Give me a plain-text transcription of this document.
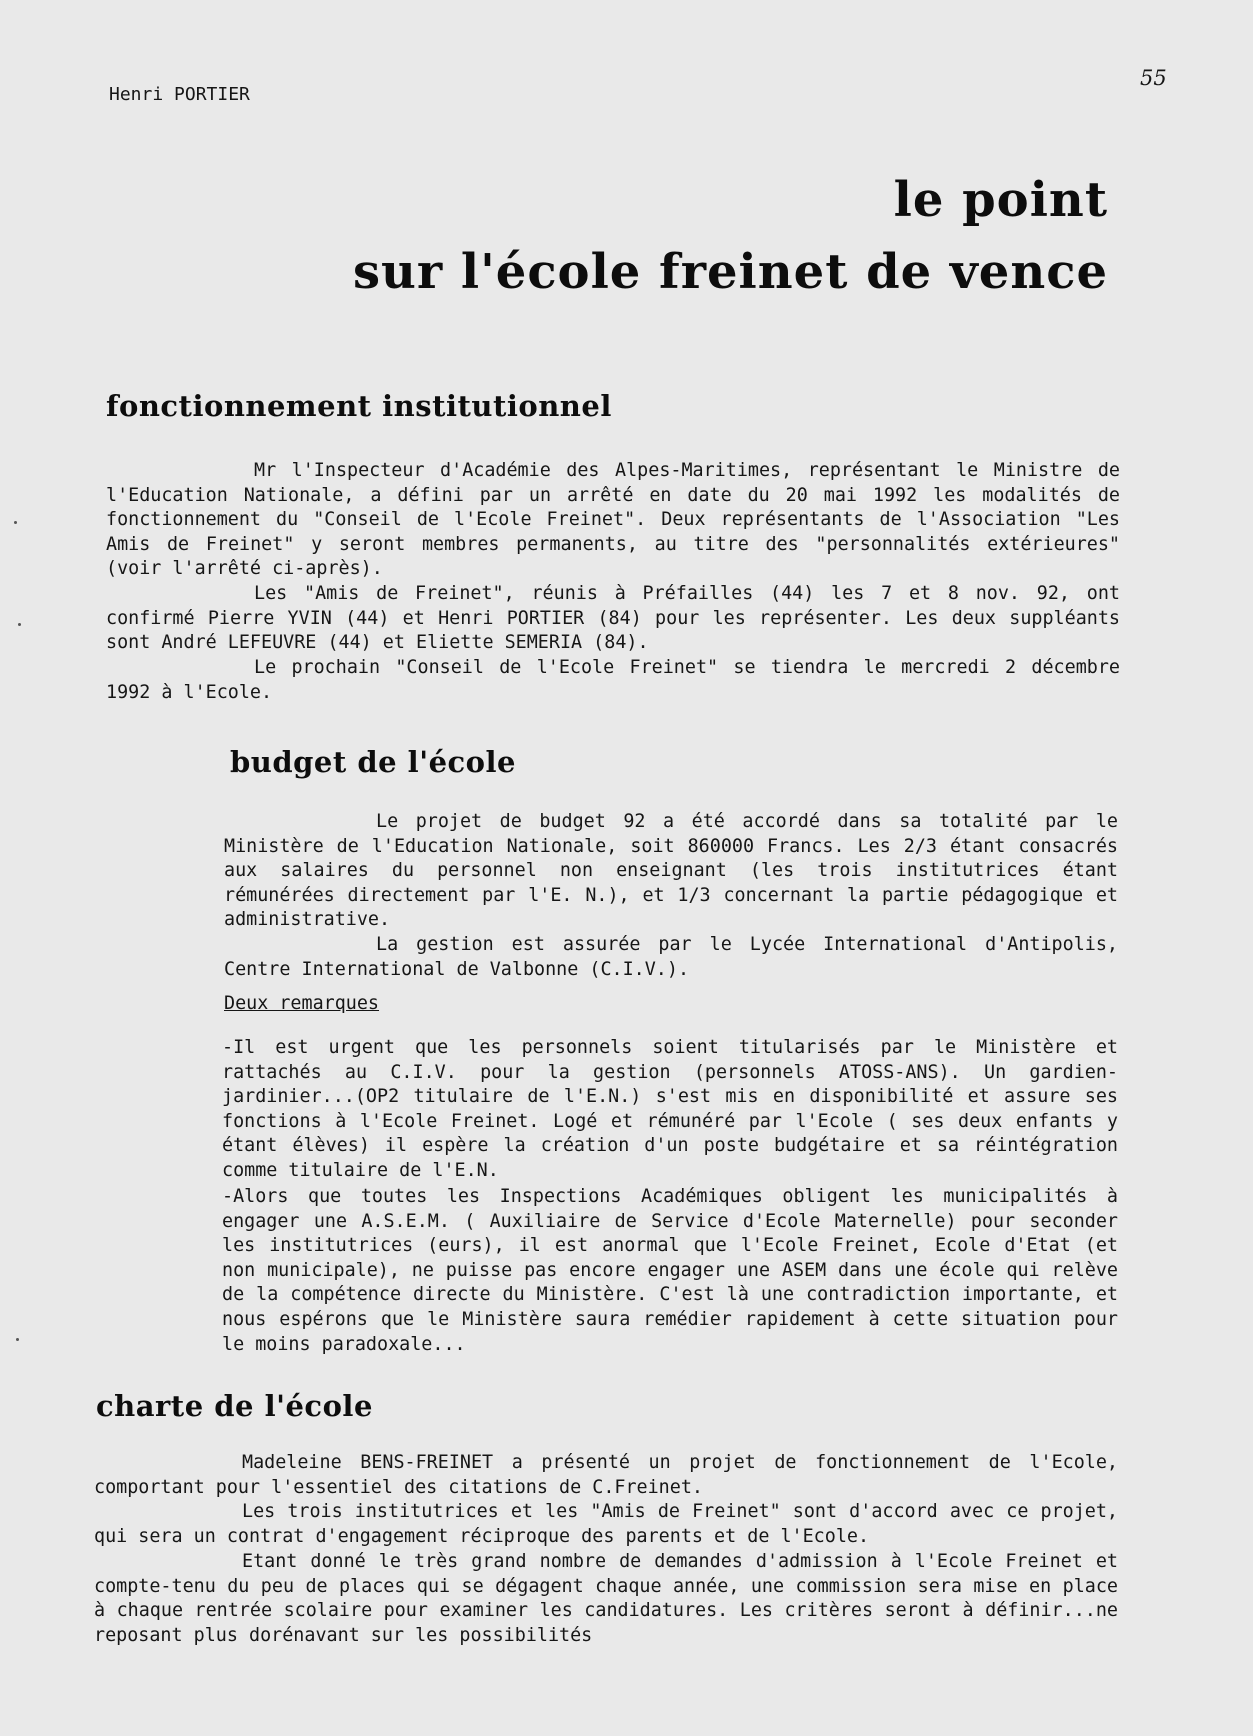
Henri PORTIER
55
le point
sur l'école freinet de vence
fonctionnement institutionnel
Mr l'Inspecteur d'Académie des Alpes-Maritimes, représentant le Ministre de l'Education Nationale, a défini par un arrêté en date du 20 mai 1992 les modalités de fonctionnement du "Conseil de l'Ecole Freinet". Deux représentants de l'Association "Les Amis de Freinet" y seront membres permanents, au titre des "personnalités extérieures" (voir l'arrêté ci-après).
Les "Amis de Freinet", réunis à Préfailles (44) les 7 et 8 nov. 92, ont confirmé Pierre YVIN (44) et Henri PORTIER (84) pour les représenter. Les deux suppléants sont André LEFEUVRE (44) et Eliette SEMERIA (84).
Le prochain "Conseil de l'Ecole Freinet" se tiendra le mercredi 2 décembre 1992 à l'Ecole.
budget de l'école
Le projet de budget 92 a été accordé dans sa totalité par le Ministère de l'Education Nationale, soit 860000 Francs. Les 2/3 étant consacrés aux salaires du personnel non enseignant (les trois institutrices étant rémunérées directement par l'E. N.), et 1/3 concernant la partie pédagogique et administrative.
La gestion est assurée par le Lycée International d'Antipolis, Centre International de Valbonne (C.I.V.).
Deux remarques
-Il est urgent que les personnels soient titularisés par le Ministère et rattachés au C.I.V. pour la gestion (personnels ATOSS-ANS). Un gardien-jardinier...(OP2 titulaire de l'E.N.) s'est mis en disponibilité et assure ses fonctions à l'Ecole Freinet. Logé et rémunéré par l'Ecole ( ses deux enfants y étant élèves) il espère la création d'un poste budgétaire et sa réintégration comme titulaire de l'E.N.
-Alors que toutes les Inspections Académiques obligent les municipalités à engager une A.S.E.M. ( Auxiliaire de Service d'Ecole Maternelle) pour seconder les institutrices (eurs), il est anormal que l'Ecole Freinet, Ecole d'Etat (et non municipale), ne puisse pas encore engager une ASEM dans une école qui relève de la compétence directe du Ministère. C'est là une contradiction importante, et nous espérons que le Ministère saura remédier rapidement à cette situation pour le moins paradoxale...
charte de l'école
Madeleine BENS-FREINET a présenté un projet de fonctionnement de l'Ecole, comportant pour l'essentiel des citations de C.Freinet.
Les trois institutrices et les "Amis de Freinet" sont d'accord avec ce projet, qui sera un contrat d'engagement réciproque des parents et de l'Ecole.
Etant donné le très grand nombre de demandes d'admission à l'Ecole Freinet et compte-tenu du peu de places qui se dégagent chaque année, une commission sera mise en place à chaque rentrée scolaire pour examiner les candidatures. Les critères seront à définir...ne reposant plus dorénavant sur les possibilités
